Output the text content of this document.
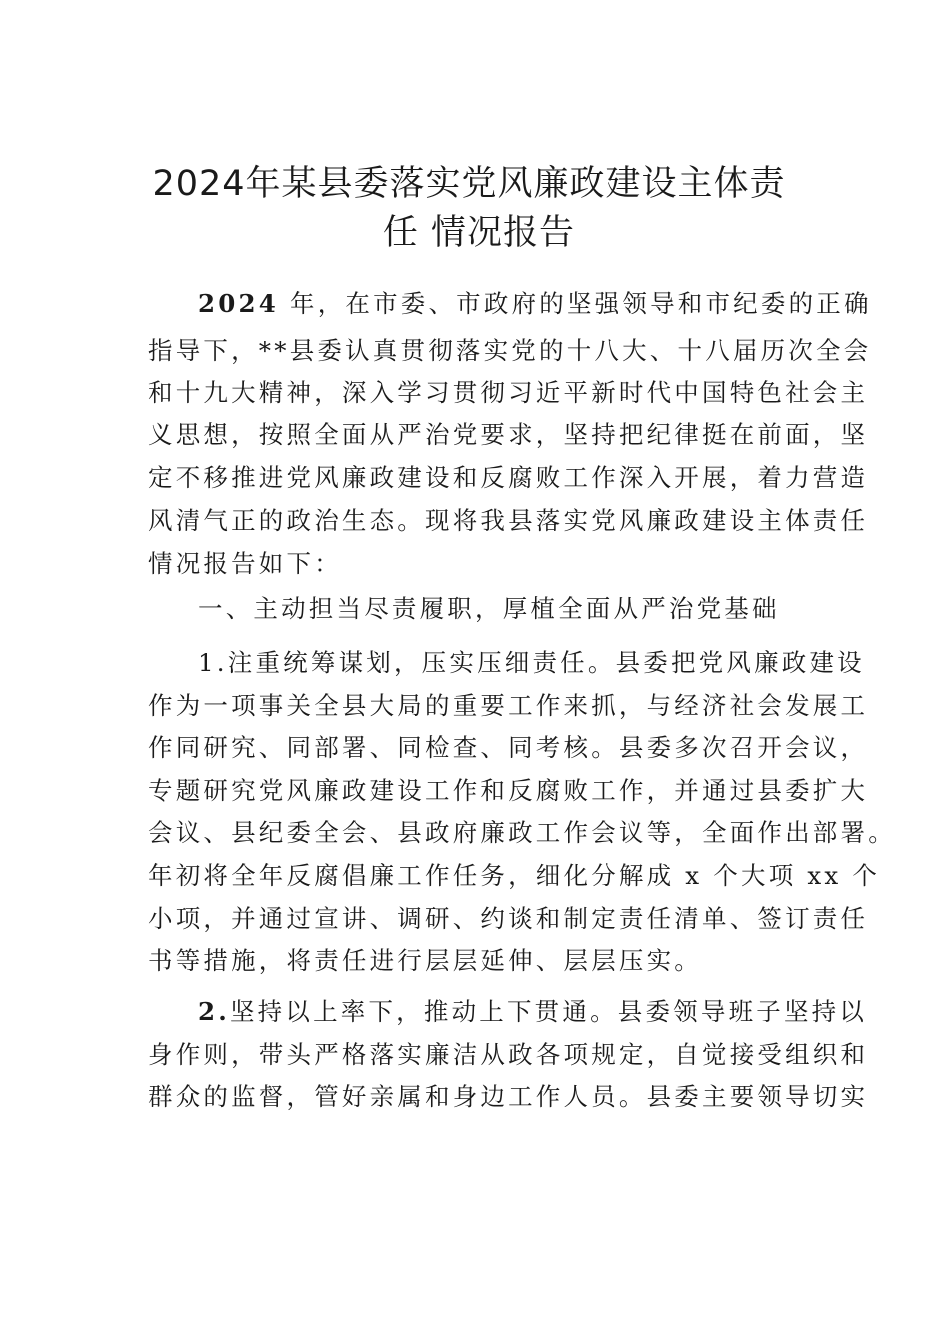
2024年某县委落实党风廉政建设主体责
任 情况报告
2024 年，在市委、市政府的坚强领导和市纪委的正确
指导下，**县委认真贯彻落实党的十八大、十八届历次全会
和十九大精神，深入学习贯彻习近平新时代中国特色社会主
义思想，按照全面从严治党要求，坚持把纪律挺在前面，坚
定不移推进党风廉政建设和反腐败工作深入开展，着力营造
风清气正的政治生态。现将我县落实党风廉政建设主体责任
情况报告如下：
一、主动担当尽责履职，厚植全面从严治党基础
1.注重统筹谋划，压实压细责任。县委把党风廉政建设
作为一项事关全县大局的重要工作来抓，与经济社会发展工
作同研究、同部署、同检查、同考核。县委多次召开会议，
专题研究党风廉政建设工作和反腐败工作，并通过县委扩大
会议、县纪委全会、县政府廉政工作会议等，全面作出部署。
年初将全年反腐倡廉工作任务，细化分解成 x 个大项 xx 个
小项，并通过宣讲、调研、约谈和制定责任清单、签订责任
书等措施，将责任进行层层延伸、层层压实。
2.坚持以上率下，推动上下贯通。县委领导班子坚持以
身作则，带头严格落实廉洁从政各项规定，自觉接受组织和
群众的监督，管好亲属和身边工作人员。县委主要领导切实
